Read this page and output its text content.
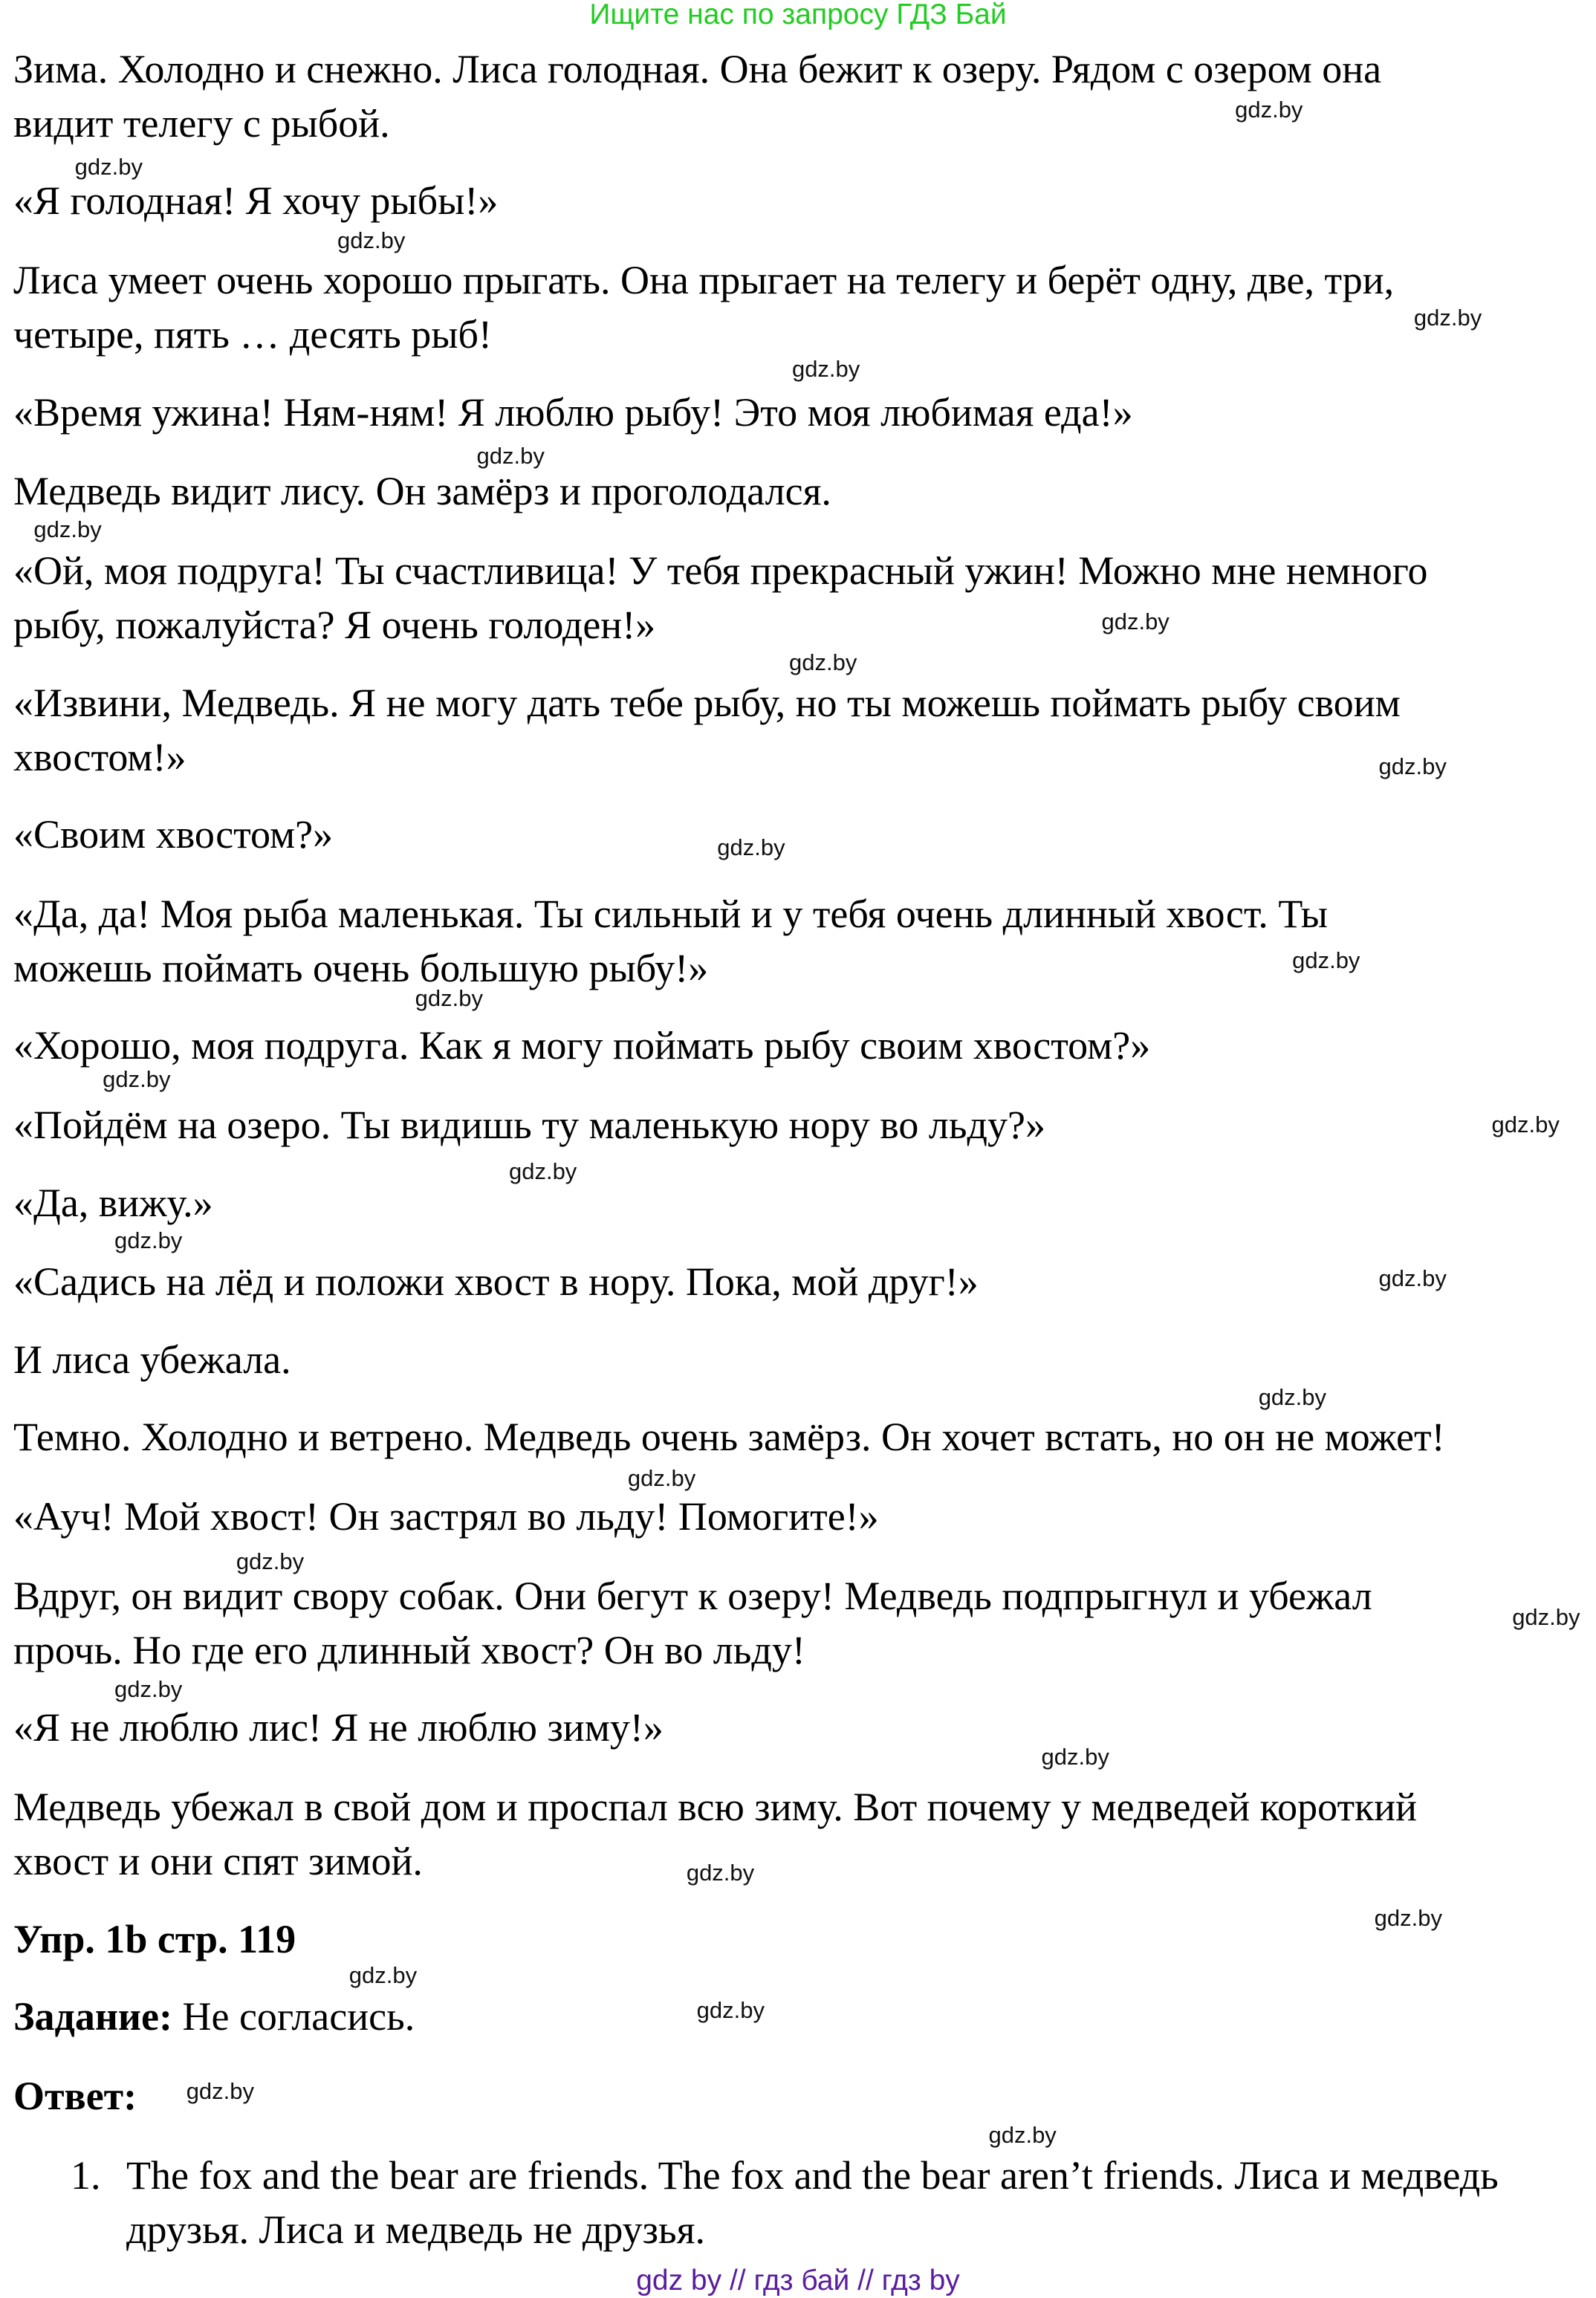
Ищите нас по запросу ГДЗ Бай
Зима. Холодно и снежно. Лиса голодная. Она бежит к озеру. Рядом с озером она
видит телегу с рыбой.
«Я голодная! Я хочу рыбы!»
Лиса умеет очень хорошо прыгать. Она прыгает на телегу и берёт одну, две, три,
четыре, пять … десять рыб!
«Время ужина! Ням-ням! Я люблю рыбу! Это моя любимая еда!»
Медведь видит лису. Он замёрз и проголодался.
«Ой, моя подруга! Ты счастливица! У тебя прекрасный ужин! Можно мне немного
рыбу, пожалуйста? Я очень голоден!»
«Извини, Медведь. Я не могу дать тебе рыбу, но ты можешь поймать рыбу своим
хвостом!»
«Своим хвостом?»
«Да, да! Моя рыба маленькая. Ты сильный и у тебя очень длинный хвост. Ты
можешь поймать очень большую рыбу!»
«Хорошо, моя подруга. Как я могу поймать рыбу своим хвостом?»
«Пойдём на озеро. Ты видишь ту маленькую нору во льду?»
«Да, вижу.»
«Садись на лёд и положи хвост в нору. Пока, мой друг!»
И лиса убежала.
Темно. Холодно и ветрено. Медведь очень замёрз. Он хочет встать, но он не может!
«Ауч! Мой хвост! Он застрял во льду! Помогите!»
Вдруг, он видит свору собак. Они бегут к озеру! Медведь подпрыгнул и убежал
прочь. Но где его длинный хвост? Он во льду!
«Я не люблю лис! Я не люблю зиму!»
Медведь убежал в свой дом и проспал всю зиму. Вот почему у медведей короткий
хвост и они спят зимой.
Упр. 1b стр. 119
Задание: Не согласись.
Ответ:
1. The fox and the bear are friends. The fox and the bear aren’t friends. Лиса и медведь
друзья. Лиса и медведь не друзья.
gdz by // гдз бай // гдз by
gdz.by
gdz.by
gdz.by
gdz.by
gdz.by
gdz.by
gdz.by
gdz.by
gdz.by
gdz.by
gdz.by
gdz.by
gdz.by
gdz.by
gdz.by
gdz.by
gdz.by
gdz.by
gdz.by
gdz.by
gdz.by
gdz.by
gdz.by
gdz.by
gdz.by
gdz.by
gdz.by
gdz.by
gdz.by
gdz.by
